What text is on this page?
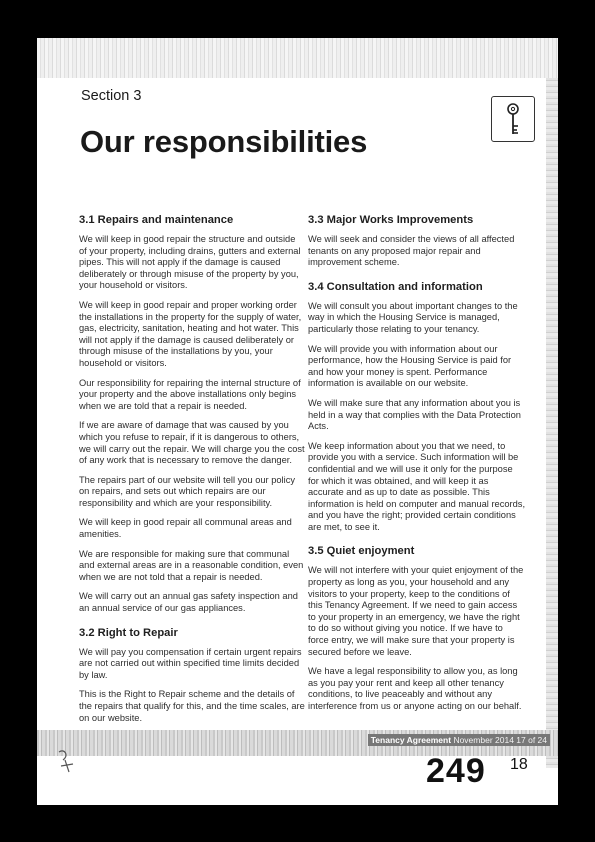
Section 3
Our responsibilities
3.1 Repairs and maintenance

We will keep in good repair the structure and outside of your property, including drains, gutters and external pipes. This will not apply if the damage is caused deliberately or through misuse of the property by you, your household or visitors.

We will keep in good repair and proper working order the installations in the property for the supply of water, gas, electricity, sanitation, heating and hot water. This will not apply if the damage is caused deliberately or through misuse of the installations by you, your household or visitors.

Our responsibility for repairing the internal structure of your property and the above installations only begins when we are told that a repair is needed.

If we are aware of damage that was caused by you which you refuse to repair, if it is dangerous to others, we will carry out the repair. We will charge you the cost of any work that is necessary to remove the danger.

The repairs part of our website will tell you our policy on repairs, and sets out which repairs are our responsibility and which are your responsibility.

We will keep in good repair all communal areas and amenities.

We are responsible for making sure that communal and external areas are in a reasonable condition, even when we are not told that a repair is needed.

We will carry out an annual gas safety inspection and an annual service of our gas appliances.

3.2 Right to Repair

We will pay you compensation if certain urgent repairs are not carried out within specified time limits decided by law.

This is the Right to Repair scheme and the details of the repairs that qualify for this, and the time scales, are on our website.

3.3 Major Works Improvements

We will seek and consider the views of all affected tenants on any proposed major repair and improvement scheme.

3.4 Consultation and information

We will consult you about important changes to the way in which the Housing Service is managed, particularly those relating to your tenancy.

We will provide you with information about our performance, how the Housing Service is paid for and how your money is spent. Performance information is available on our website.

We will make sure that any information about you is held in a way that complies with the Data Protection Acts.

We keep information about you that we need, to provide you with a service. Such information will be confidential and we will use it only for the purpose for which it was obtained, and will keep it as accurate and as up to date as possible. This information is held on computer and manual records, and you have the right; provided certain conditions are met, to see it.

3.5 Quiet enjoyment

We will not interfere with your quiet enjoyment of the property as long as you, your household and any visitors to your property, keep to the conditions of this Tenancy Agreement. If we need to gain access to your property in an emergency, we have the right to do so without giving you notice. If we have to force entry, we will make sure that your property is secured before we leave.

We have a legal responsibility to allow you, as long as you pay your rent and keep all other tenancy conditions, to live peaceably and without any interference from us or anyone acting on our behalf.

Tenancy Agreement November 2014 17 of 24
249 18
